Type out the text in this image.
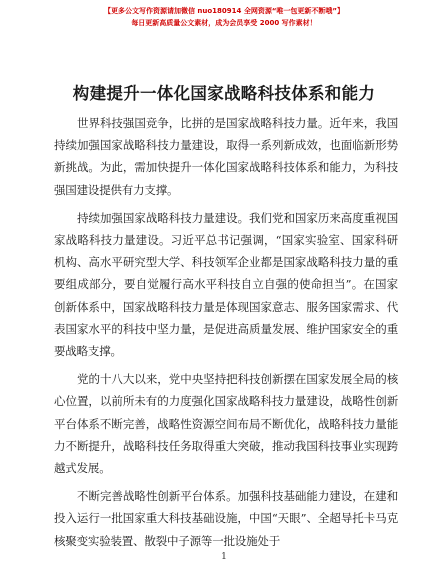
【更多公文写作资源请加微信 nuo180914 全网资源“唯一包更新不断哦”】
每日更新高质量公文素材，成为会员享受 2000 写作素材！
构建提升一体化国家战略科技体系和能力

世界科技强国竞争，比拼的是国家战略科技力量。近年来，我国持续加强国家战略科技力量建设，取得一系列新成效，也面临新形势新挑战。为此，需加快提升一体化国家战略科技体系和能力，为科技强国建设提供有力支撑。

持续加强国家战略科技力量建设。我们党和国家历来高度重视国家战略科技力量建设。习近平总书记强调，“国家实验室、国家科研机构、高水平研究型大学、科技领军企业都是国家战略科技力量的重要组成部分，要自觉履行高水平科技自立自强的使命担当”。在国家创新体系中，国家战略科技力量是体现国家意志、服务国家需求、代表国家水平的科技中坚力量，是促进高质量发展、维护国家安全的重要战略支撑。

党的十八大以来，党中央坚持把科技创新摆在国家发展全局的核心位置，以前所未有的力度强化国家战略科技力量建设，战略性创新平台体系不断完善，战略性资源空间布局不断优化，战略科技力量能力不断提升，战略科技任务取得重大突破，推动我国科技事业实现跨越式发展。

不断完善战略性创新平台体系。加强科技基础能力建设，在建和投入运行一批国家重大科技基础设施，中国“天眼”、全超导托卡马克核聚变实验装置、散裂中子源等一批设施处于

1
